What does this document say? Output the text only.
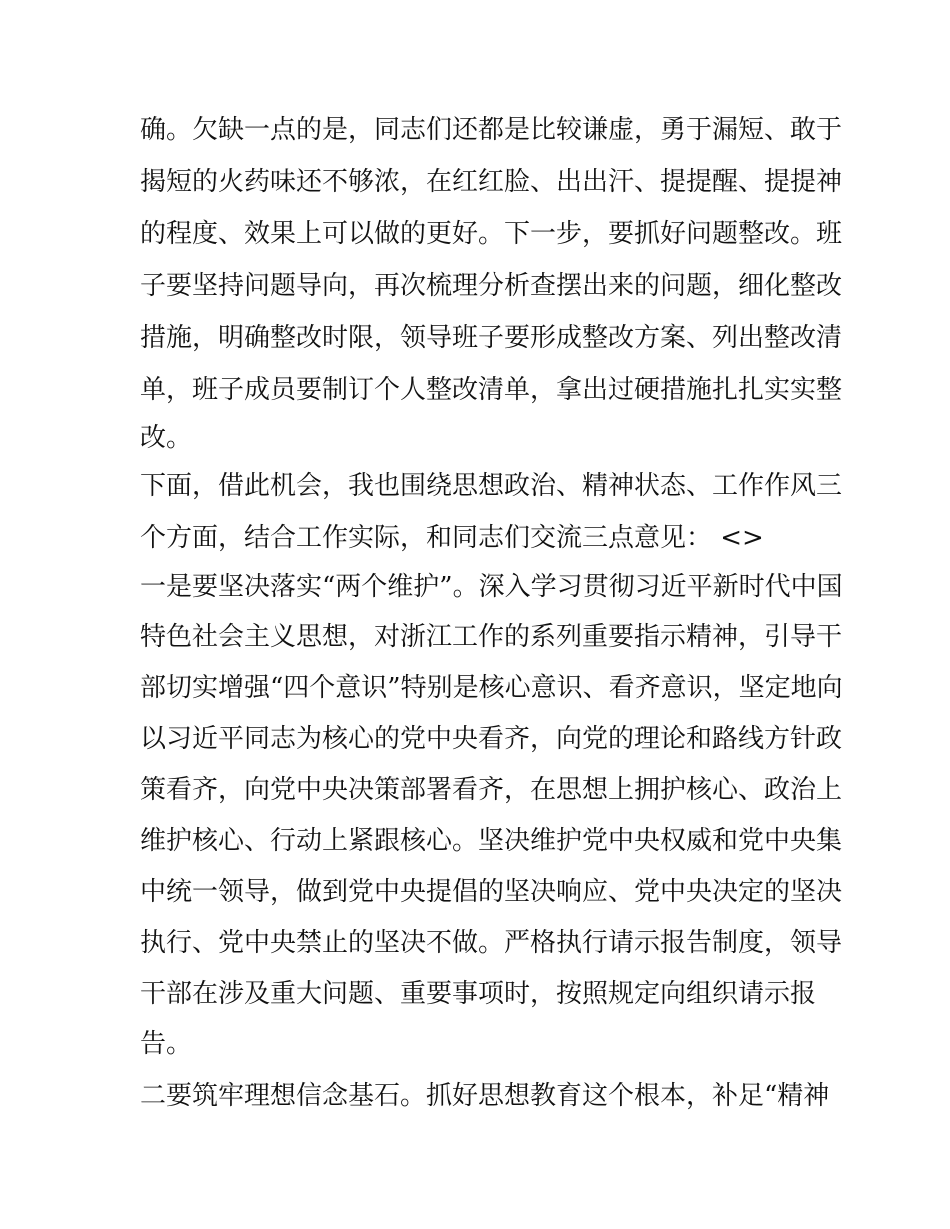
确。欠缺一点的是，同志们还都是比较谦虚，勇于漏短、敢于
揭短的火药味还不够浓，在红红脸、出出汗、提提醒、提提神
的程度、效果上可以做的更好。下一步，要抓好问题整改。班
子要坚持问题导向，再次梳理分析查摆出来的问题，细化整改
措施，明确整改时限，领导班子要形成整改方案、列出整改清
单，班子成员要制订个人整改清单，拿出过硬措施扎扎实实整
改。
下面，借此机会，我也围绕思想政治、精神状态、工作作风三
个方面，结合工作实际，和同志们交流三点意见： <>
一是要坚决落实“两个维护”。深入学习贯彻习近平新时代中国
特色社会主义思想，对浙江工作的系列重要指示精神，引导干
部切实增强“四个意识”特别是核心意识、看齐意识，坚定地向
以习近平同志为核心的党中央看齐，向党的理论和路线方针政
策看齐，向党中央决策部署看齐，在思想上拥护核心、政治上
维护核心、行动上紧跟核心。坚决维护党中央权威和党中央集
中统一领导，做到党中央提倡的坚决响应、党中央决定的坚决
执行、党中央禁止的坚决不做。严格执行请示报告制度，领导
干部在涉及重大问题、重要事项时，按照规定向组织请示报
告。
二要筑牢理想信念基石。抓好思想教育这个根本，补足“精神
